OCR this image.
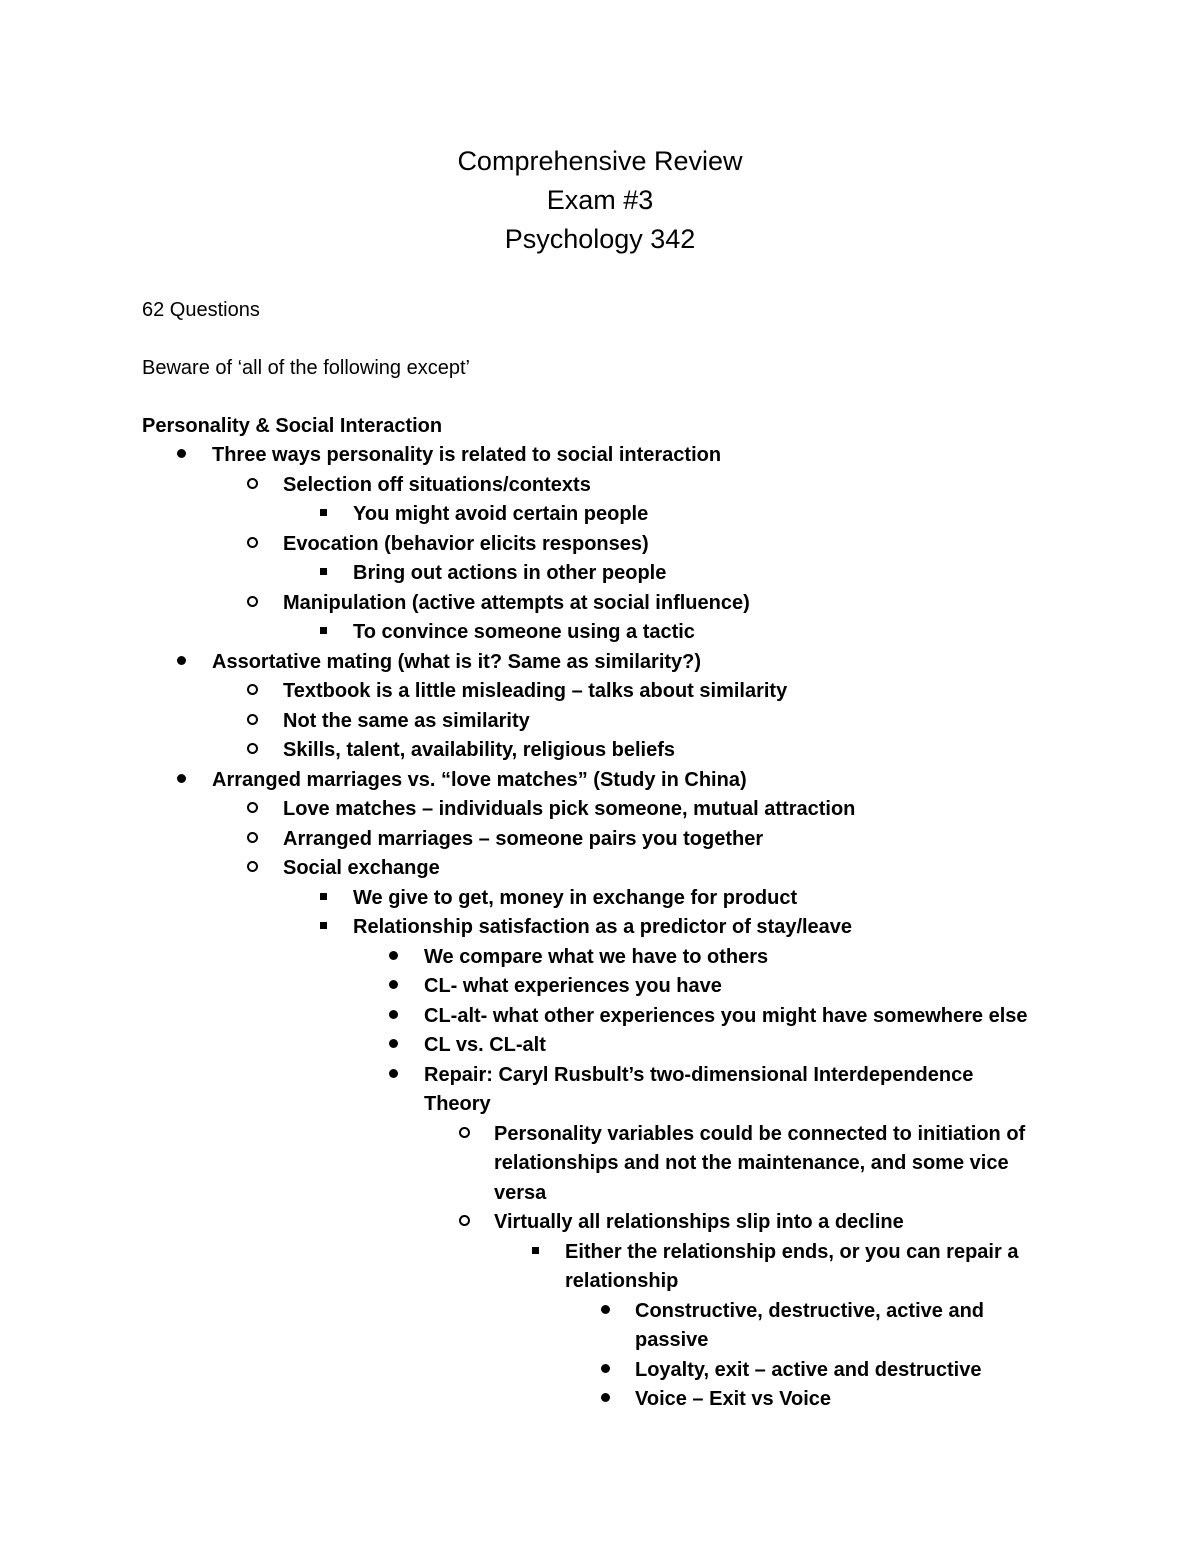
Comprehensive Review
Exam #3
Psychology 342
62 Questions
Beware of ‘all of the following except’
Personality & Social Interaction
Three ways personality is related to social interaction
Selection off situations/contexts
You might avoid certain people
Evocation (behavior elicits responses)
Bring out actions in other people
Manipulation (active attempts at social influence)
To convince someone using a tactic
Assortative mating (what is it? Same as similarity?)
Textbook is a little misleading – talks about similarity
Not the same as similarity
Skills, talent, availability, religious beliefs
Arranged marriages vs. “love matches” (Study in China)
Love matches – individuals pick someone, mutual attraction
Arranged marriages – someone pairs you together
Social exchange
We give to get, money in exchange for product
Relationship satisfaction as a predictor of stay/leave
We compare what we have to others
CL- what experiences you have
CL-alt- what other experiences you might have somewhere else
CL vs. CL-alt
Repair: Caryl Rusbult’s two-dimensional Interdependence Theory
Personality variables could be connected to initiation of relationships and not the maintenance, and some vice versa
Virtually all relationships slip into a decline
Either the relationship ends, or you can repair a relationship
Constructive, destructive, active and passive
Loyalty, exit – active and destructive
Voice – Exit vs Voice
